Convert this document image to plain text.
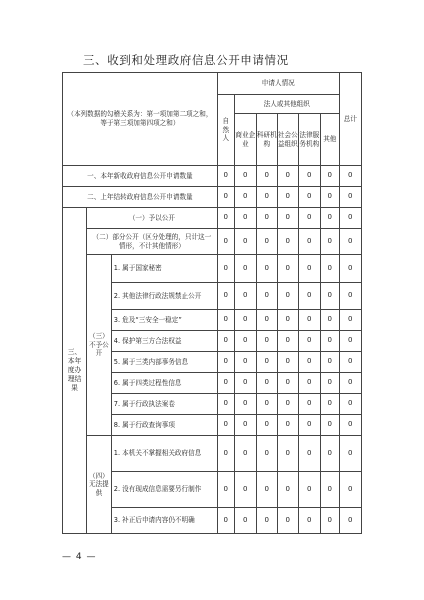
三、收到和处理政府信息公开申请情况
（本列数据的勾稽关系为：第一项加第二项之和，等于第三项加第四项之和）			申请人情况						总计
			自然人	法人或其他组织					
				商业企业	科研机构	社会公益组织	法律服务机构	其他	
一、本年新收政府信息公开申请数量			0	0	0	0	0	0	0
二、上年结转政府信息公开申请数量			0	0	0	0	0	0	0
三、本年度办理结果	（一）予以公开		0	0	0	0	0	0	0
	（二）部分公开（区分处理的，只计这一情形，不计其他情形）		0	0	0	0	0	0	0
	（三）不予公开	1. 属于国家秘密	0	0	0	0	0	0	0
		2. 其他法律行政法规禁止公开	0	0	0	0	0	0	0
		3. 危及“三安全一稳定”	0	0	0	0	0	0	0
		4. 保护第三方合法权益	0	0	0	0	0	0	0
		5. 属于三类内部事务信息	0	0	0	0	0	0	0
		6. 属于四类过程性信息	0	0	0	0	0	0	0
		7. 属于行政执法案卷	0	0	0	0	0	0	0
		8. 属于行政查询事项	0	0	0	0	0	0	0
	（四）无法提供	1. 本机关不掌握相关政府信息	0	0	0	0	0	0	0
		2. 没有现成信息需要另行制作	0	0	0	0	0	0	0
		3. 补正后申请内容仍不明确	0	0	0	0	0	0	0
— 4 —
